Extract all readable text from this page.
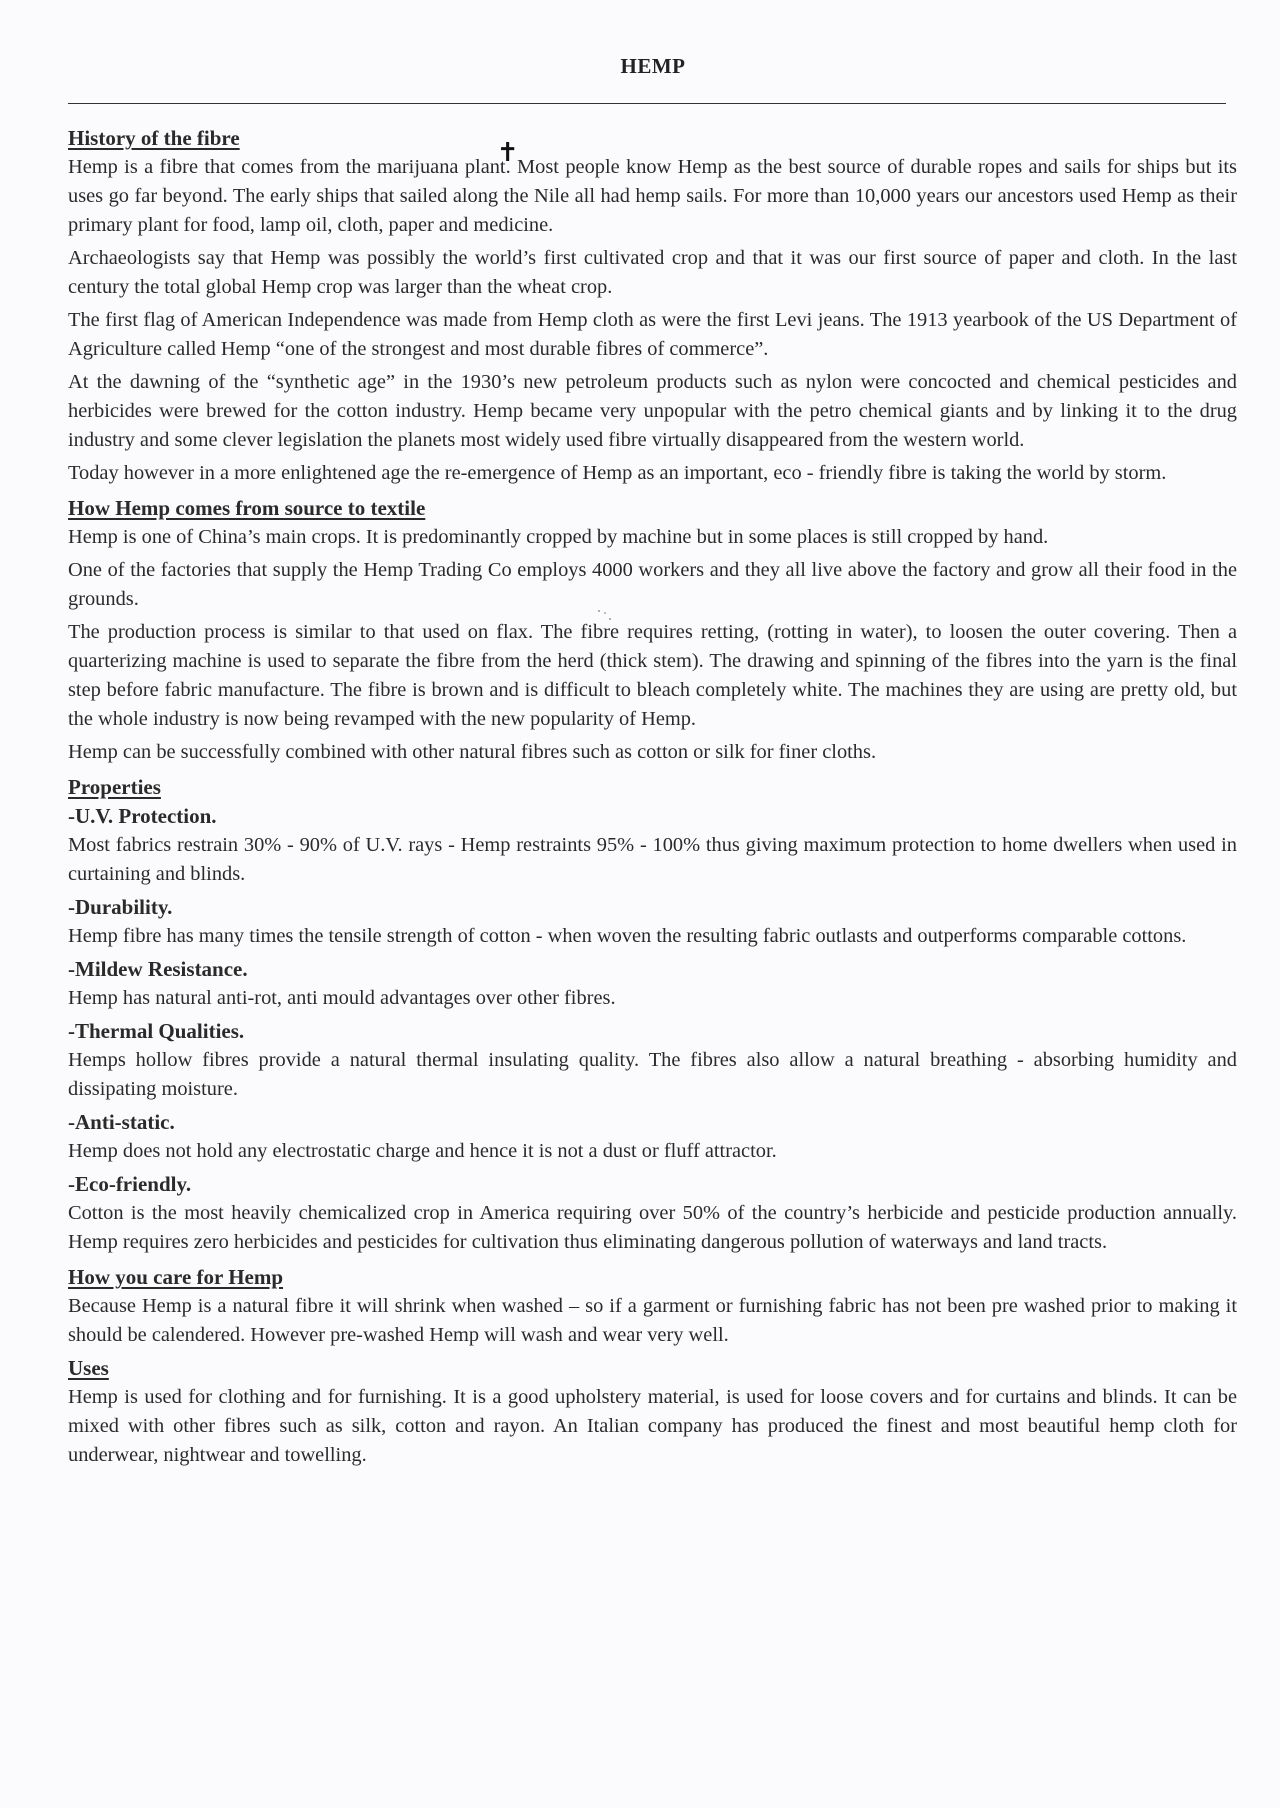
HEMP
History of the fibre

Hemp is a fibre that comes from the marijuana plant.
✝
Most people know Hemp as the best source of durable ropes and sails for ships but its uses go far beyond. The early ships that sailed along the Nile all had hemp sails. For more than 10,000 years our ancestors used Hemp as their primary plant for food, lamp oil, cloth, paper and medicine.

Archaeologists say that Hemp was possibly the world’s first cultivated crop and that it was our first source of paper and cloth. In the last century the total global Hemp crop was larger than the wheat crop.

The first flag of American Independence was made from Hemp cloth as were the first Levi jeans. The 1913 yearbook of the US Department of Agriculture called Hemp “one of the strongest and most durable fibres of commerce”.

At the dawning of the “synthetic age” in the 1930’s new petroleum products such as nylon were concocted and chemical pesticides and herbicides were brewed for the cotton industry. Hemp became very unpopular with the petro chemical giants and by linking it to the drug industry and some clever legislation the planets most widely used fibre virtually disappeared from the western world.

Today however in a more enlightened age the re-emergence of Hemp as an important, eco - friendly fibre is taking the world by storm.

How Hemp comes from source to textile

Hemp is one of China’s main crops. It is predominantly cropped by machine but in some places is still cropped by hand.

One of the factories that supply the Hemp Trading Co employs 4000 workers and they all live above the factory and grow all their food in the grounds.

The production process is similar to that used on flax. The fibre requires retting, (rotting in water), to loosen the outer covering. Then a quarterizing machine is used to separate the fibre from the herd (thick stem). The drawing and spinning of the fibres into the yarn is the final step before fabric manufacture. The fibre is brown and is difficult to bleach completely white. The machines they are using are pretty old, but the whole industry is now being revamped with the new popularity of Hemp.

Hemp can be successfully combined with other natural fibres such as cotton or silk for finer cloths.

Properties
-U.V. Protection.

Most fabrics restrain 30% - 90% of U.V. rays - Hemp restraints 95% - 100% thus giving maximum protection to home dwellers when used in curtaining and blinds.

-Durability.

Hemp fibre has many times the tensile strength of cotton - when woven the resulting fabric outlasts and outperforms comparable cottons.

-Mildew Resistance.

Hemp has natural anti-rot, anti mould advantages over other fibres.

-Thermal Qualities.

Hemps hollow fibres provide a natural thermal insulating quality. The fibres also allow a natural breathing - absorbing humidity and dissipating moisture.

-Anti-static.

Hemp does not hold any electrostatic charge and hence it is not a dust or fluff attractor.

-Eco-friendly.

Cotton is the most heavily chemicalized crop in America requiring over 50% of the country’s herbicide and pesticide production annually. Hemp requires zero herbicides and pesticides for cultivation thus eliminating dangerous pollution of waterways and land tracts.

How you care for Hemp

Because Hemp is a natural fibre it will shrink when washed – so if a garment or furnishing fabric has not been pre washed prior to making it should be calendered. However pre-washed Hemp will wash and wear very well.

Uses

Hemp is used for clothing and for furnishing. It is a good upholstery material, is used for loose covers and for curtains and blinds. It can be mixed with other fibres such as silk, cotton and rayon. An Italian company has produced the finest and most beautiful hemp cloth for underwear, nightwear and towelling.
